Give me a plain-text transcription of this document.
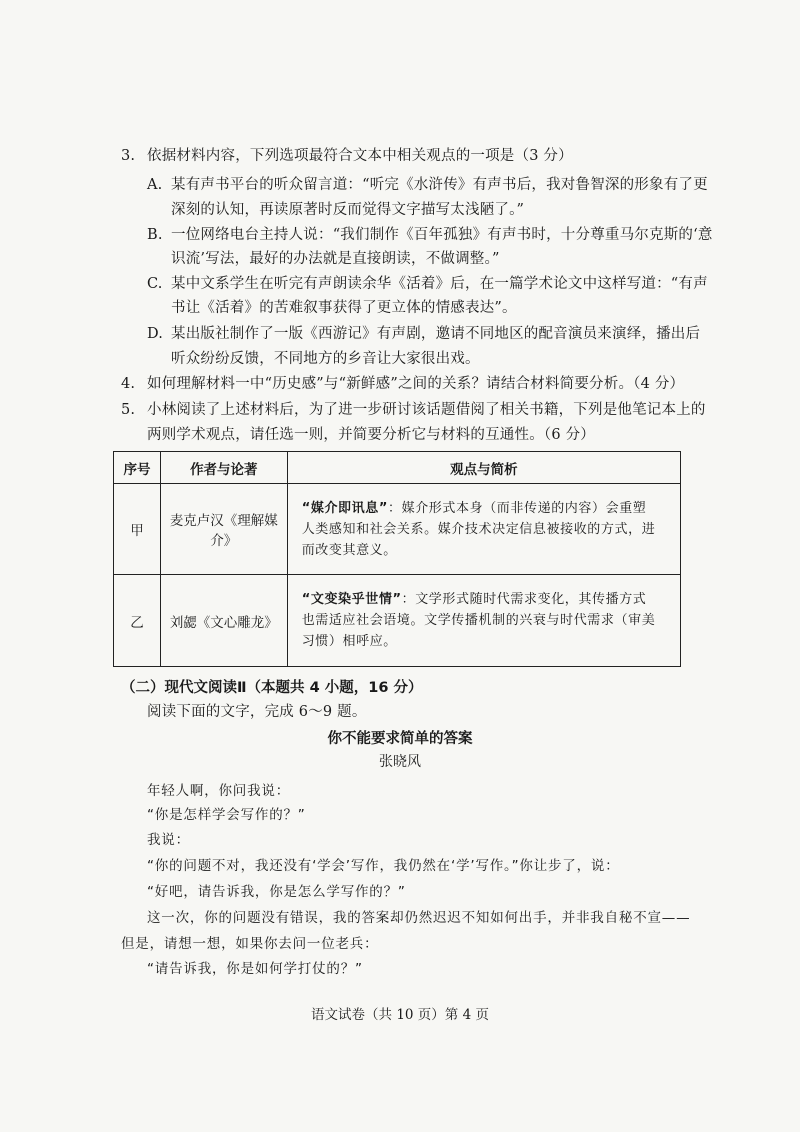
3. 依据材料内容，下列选项最符合文本中相关观点的一项是（3 分）
A. 某有声书平台的听众留言道：“听完《水浒传》有声书后，我对鲁智深的形象有了更
深刻的认知，再读原著时反而觉得文字描写太浅陋了。”
B. 一位网络电台主持人说：“我们制作《百年孤独》有声书时，十分尊重马尔克斯的‘意
识流’写法，最好的办法就是直接朗读，不做调整。”
C. 某中文系学生在听完有声朗读余华《活着》后，在一篇学术论文中这样写道：“有声
书让《活着》的苦难叙事获得了更立体的情感表达”。
D. 某出版社制作了一版《西游记》有声剧，邀请不同地区的配音演员来演绎，播出后
听众纷纷反馈，不同地方的乡音让大家很出戏。
4. 如何理解材料一中“历史感”与“新鲜感”之间的关系？请结合材料简要分析。（4 分）
5. 小林阅读了上述材料后，为了进一步研讨该话题借阅了相关书籍，下列是他笔记本上的
两则学术观点，请任选一则，并简要分析它与材料的互通性。（6 分）
序号	作者与论著	观点与简析
甲	麦克卢汉《理解媒介》	“媒介即讯息”：媒介形式本身（而非传递的内容）会重塑
人类感知和社会关系。媒介技术决定信息被接收的方式，进
而改变其意义。
乙	刘勰《文心雕龙》	“文变染乎世情”：文学形式随时代需求变化，其传播方式
也需适应社会语境。文学传播机制的兴衰与时代需求（审美
习惯）相呼应。
（二）现代文阅读Ⅱ（本题共 4 小题，16 分）
阅读下面的文字，完成 6～9 题。
你不能要求简单的答案
张晓风
年轻人啊，你问我说：
“你是怎样学会写作的？”
我说：
“你的问题不对，我还没有‘学会’写作，我仍然在‘学’写作。”你让步了，说：
“好吧，请告诉我，你是怎么学写作的？”
这一次，你的问题没有错误，我的答案却仍然迟迟不知如何出手，并非我自秘不宣——
但是，请想一想，如果你去问一位老兵：
“请告诉我，你是如何学打仗的？”
语文试卷（共 10 页）第 4 页
